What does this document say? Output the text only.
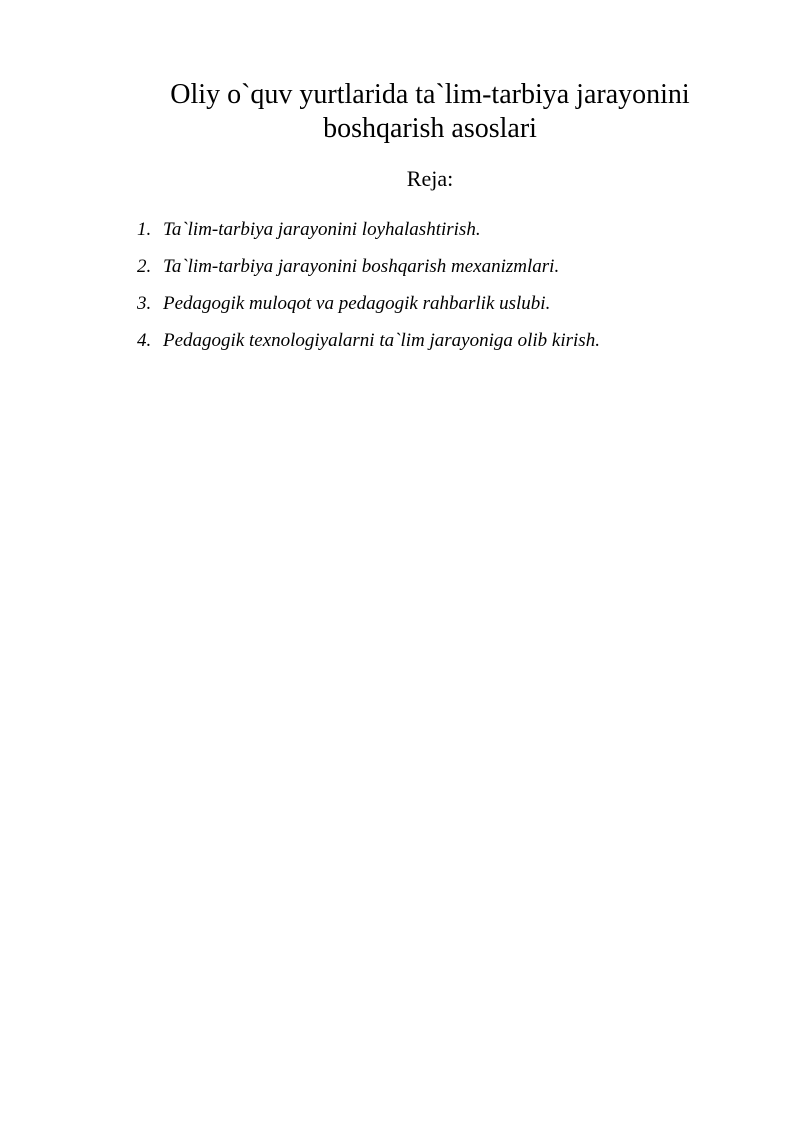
Oliy o`quv yurtlarida ta`lim-tarbiya jarayonini
boshqarish asoslari

Reja:

1. Ta`lim-tarbiya jarayonini loyhalashtirish.
2. Ta`lim-tarbiya jarayonini boshqarish mexanizmlari.
3. Pedagogik muloqot va pedagogik rahbarlik uslubi.
4. Pedagogik texnologiyalarni ta`lim jarayoniga olib kirish.
